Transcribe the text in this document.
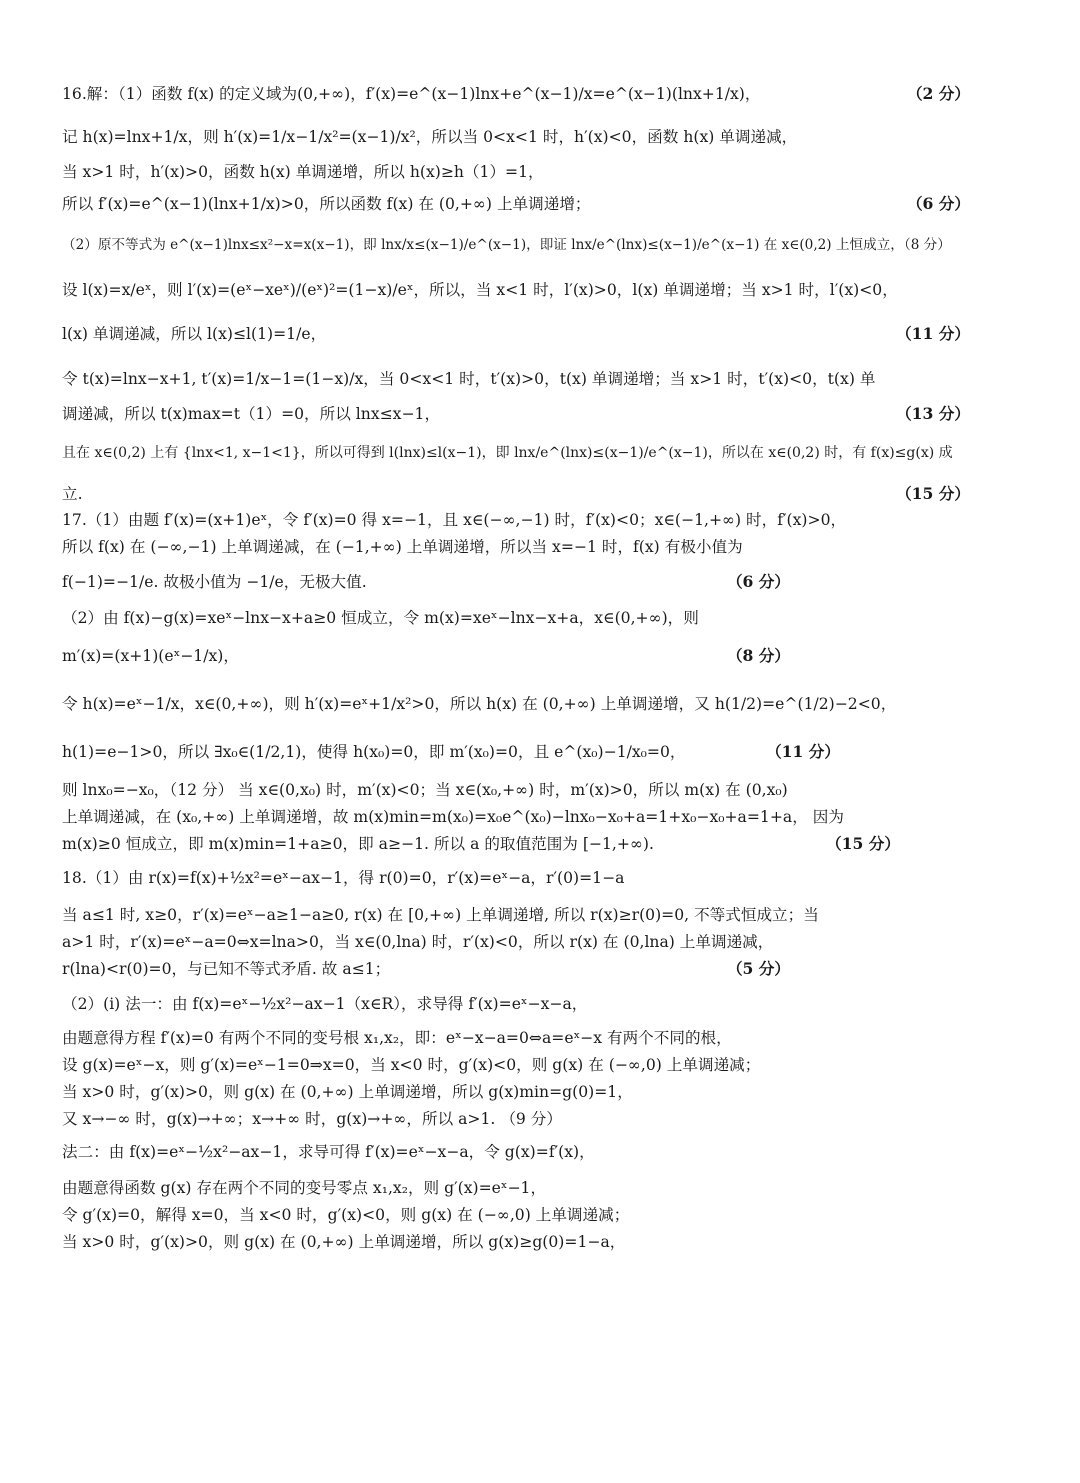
16.解：（1）函数 f(x) 的定义域为(0,+∞)，f′(x)=e^(x−1)lnx+e^(x−1)/x=e^(x−1)(lnx+1/x)，	（2 分）
记 h(x)=lnx+1/x，则 h′(x)=1/x−1/x²=(x−1)/x²，所以当 0<x<1 时，h′(x)<0，函数 h(x) 单调递减，
当 x>1 时，h′(x)>0，函数 h(x) 单调递增，所以 h(x)≥h（1）=1，
所以 f′(x)=e^(x−1)(lnx+1/x)>0，所以函数 f(x) 在 (0,+∞) 上单调递增；	（6 分）
（2）原不等式为 e^(x−1)lnx≤x²−x=x(x−1)，即 lnx/x≤(x−1)/e^(x−1)，即证 lnx/e^(lnx)≤(x−1)/e^(x−1) 在 x∈(0,2) 上恒成立，（8 分）
设 l(x)=x/eˣ，则 l′(x)=(eˣ−xeˣ)/(eˣ)²=(1−x)/eˣ，所以，当 x<1 时，l′(x)>0，l(x) 单调递增；当 x>1 时，l′(x)<0，
l(x) 单调递减，所以 l(x)≤l(1)=1/e，	（11 分）
令 t(x)=lnx−x+1, t′(x)=1/x−1=(1−x)/x，当 0<x<1 时，t′(x)>0，t(x) 单调递增；当 x>1 时，t′(x)<0，t(x) 单
调递减，所以 t(x)max=t（1）=0，所以 lnx≤x−1，	（13 分）
且在 x∈(0,2) 上有 {lnx<1, x−1<1}，所以可得到 l(lnx)≤l(x−1)，即 lnx/e^(lnx)≤(x−1)/e^(x−1)，所以在 x∈(0,2) 时，有 f(x)≤g(x) 成
立.	（15 分）
17.（1）由题 f′(x)=(x+1)eˣ，令 f′(x)=0 得 x=−1，且 x∈(−∞,−1) 时，f′(x)<0；x∈(−1,+∞) 时，f′(x)>0，
所以 f(x) 在 (−∞,−1) 上单调递减，在 (−1,+∞) 上单调递增，所以当 x=−1 时，f(x) 有极小值为
f(−1)=−1/e. 故极小值为 −1/e，无极大值.	（6 分）
（2）由 f(x)−g(x)=xeˣ−lnx−x+a≥0 恒成立，令 m(x)=xeˣ−lnx−x+a，x∈(0,+∞)，则
m′(x)=(x+1)(eˣ−1/x)，	（8 分）
令 h(x)=eˣ−1/x，x∈(0,+∞)，则 h′(x)=eˣ+1/x²>0，所以 h(x) 在 (0,+∞) 上单调递增，又 h(1/2)=e^(1/2)−2<0，
h(1)=e−1>0，所以 ∃x₀∈(1/2,1)，使得 h(x₀)=0，即 m′(x₀)=0，且 e^(x₀)−1/x₀=0，	（11 分）
则 lnx₀=−x₀，（12 分） 当 x∈(0,x₀) 时，m′(x)<0；当 x∈(x₀,+∞) 时，m′(x)>0，所以 m(x) 在 (0,x₀)
上单调递减，在 (x₀,+∞) 上单调递增，故 m(x)min=m(x₀)=x₀e^(x₀)−lnx₀−x₀+a=1+x₀−x₀+a=1+a， 因为
m(x)≥0 恒成立，即 m(x)min=1+a≥0，即 a≥−1. 所以 a 的取值范围为 [−1,+∞).	（15 分）
18.（1）由 r(x)=f(x)+½x²=eˣ−ax−1，得 r(0)=0，r′(x)=eˣ−a，r′(0)=1−a
当 a≤1 时, x≥0，r′(x)=eˣ−a≥1−a≥0, r(x) 在 [0,+∞) 上单调递增, 所以 r(x)≥r(0)=0, 不等式恒成立；当
a>1 时，r′(x)=eˣ−a=0⇔x=lna>0，当 x∈(0,lna) 时，r′(x)<0，所以 r(x) 在 (0,lna) 上单调递减，
r(lna)<r(0)=0，与已知不等式矛盾. 故 a≤1；	（5 分）
（2）(i) 法一：由 f(x)=eˣ−½x²−ax−1（x∈R），求导得 f′(x)=eˣ−x−a，
由题意得方程 f′(x)=0 有两个不同的变号根 x₁,x₂，即：eˣ−x−a=0⇔a=eˣ−x 有两个不同的根，
设 g(x)=eˣ−x，则 g′(x)=eˣ−1=0⇒x=0，当 x<0 时，g′(x)<0，则 g(x) 在 (−∞,0) 上单调递减；
当 x>0 时，g′(x)>0，则 g(x) 在 (0,+∞) 上单调递增，所以 g(x)min=g(0)=1，
又 x→−∞ 时，g(x)→+∞；x→+∞ 时，g(x)→+∞，所以 a>1. （9 分）
法二：由 f(x)=eˣ−½x²−ax−1，求导可得 f′(x)=eˣ−x−a，令 g(x)=f′(x)，
由题意得函数 g(x) 存在两个不同的变号零点 x₁,x₂，则 g′(x)=eˣ−1，
令 g′(x)=0，解得 x=0，当 x<0 时，g′(x)<0，则 g(x) 在 (−∞,0) 上单调递减；
当 x>0 时，g′(x)>0，则 g(x) 在 (0,+∞) 上单调递增，所以 g(x)≥g(0)=1−a，
